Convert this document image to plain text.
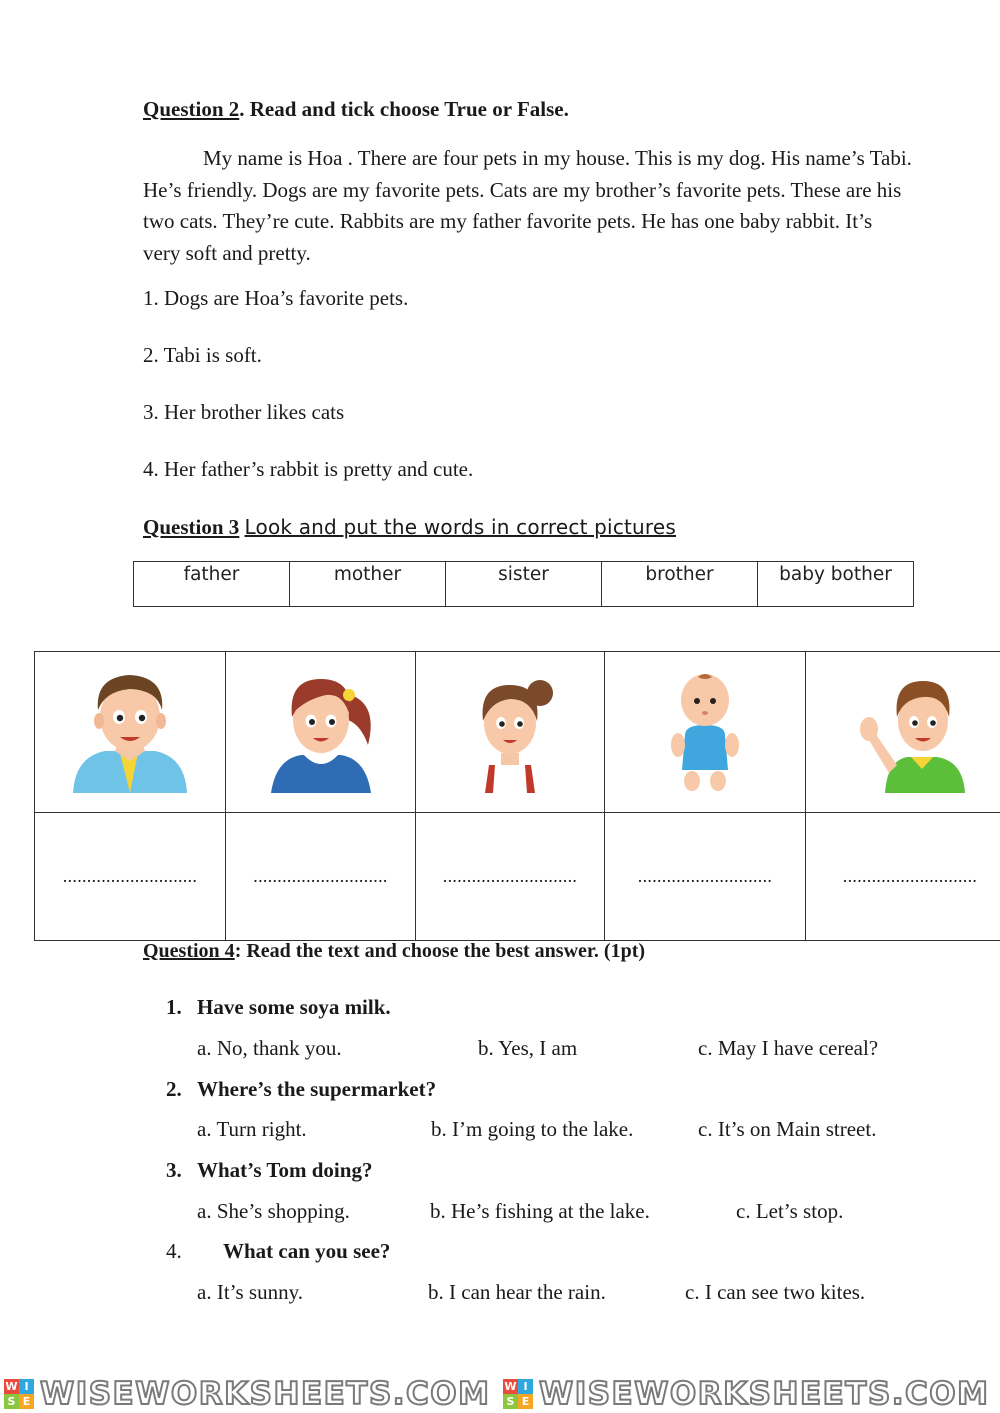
Question 2. Read and tick choose True or False.
My name is Hoa . There are four pets in my house. This is my dog. His name’s Tabi. He’s friendly. Dogs are my favorite pets. Cats are my brother’s favorite pets. These are his two cats. They’re cute. Rabbits are my father favorite pets. He has one baby rabbit. It’s very soft and pretty.
1. Dogs are Hoa’s favorite pets.
2. Tabi is soft.
3. Her brother likes cats
4. Her father’s rabbit is pretty and cute.
Question 3 Look and put the words in correct pictures
father	mother	sister	brother	baby bother

............................	............................	............................	............................	............................
Question 4: Read the text and choose the best answer. (1pt)
1. Have some soya milk.
a. No, thank you.	b. Yes, I am	c. May I have cereal?
2. Where’s the supermarket?
a. Turn right.	b. I’m going to the lake.	c. It’s on Main street.
3. What’s Tom doing?
a. She’s shopping.	b. He’s fishing at the lake.	c. Let’s stop.
4. What can you see?
a. It’s sunny.	b. I can hear the rain.	c. I can see two kites.
W I
S E WISEWORKSHEETS.COM W I
S E WISEWORKSHEETS.COM
